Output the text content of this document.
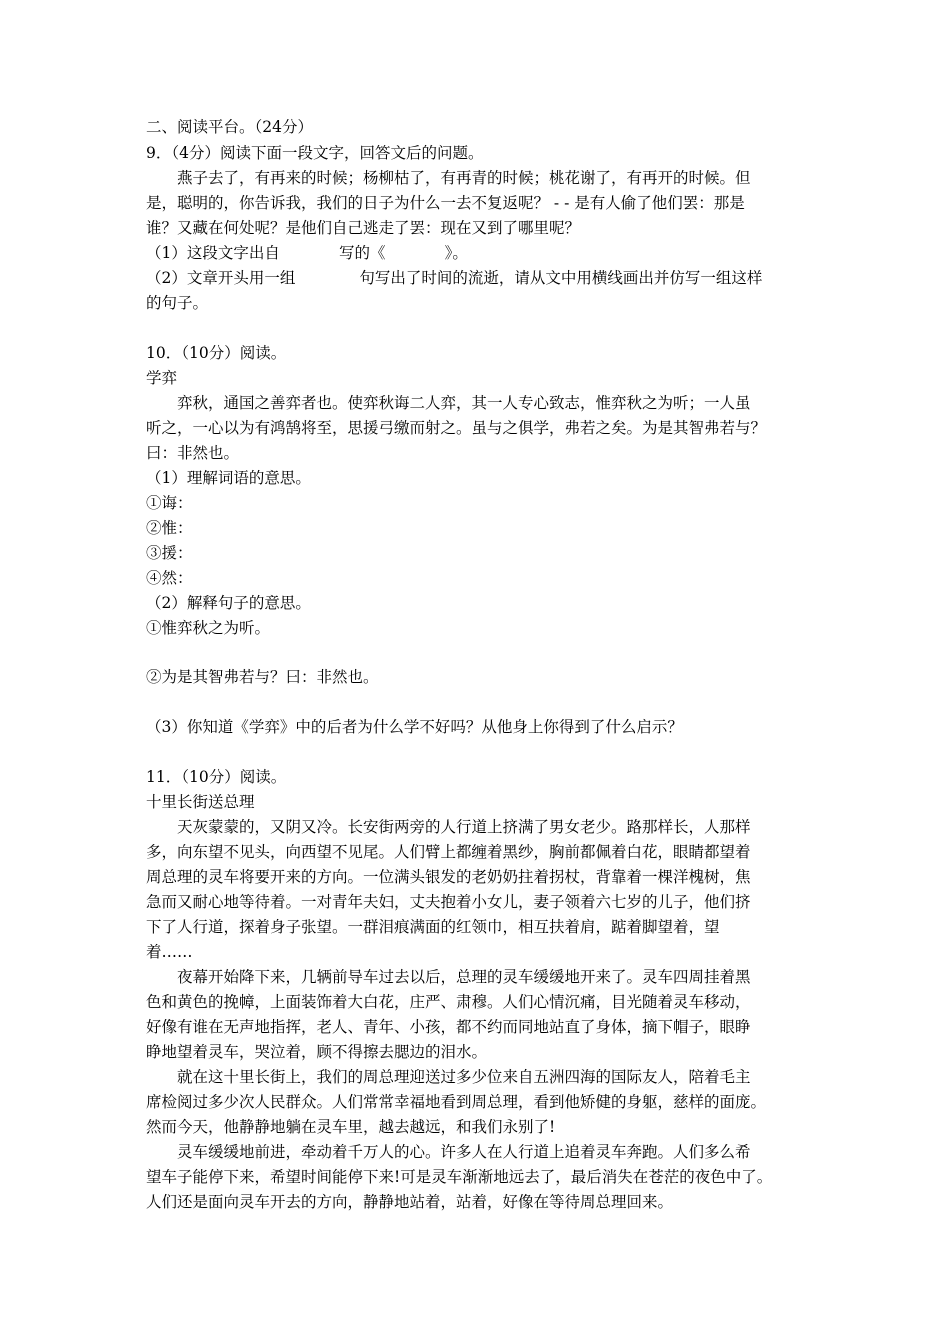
二、阅读平台。（24分）
9．（4分）阅读下面一段文字，回答文后的问题。
燕子去了，有再来的时候；杨柳枯了，有再青的时候；桃花谢了，有再开的时候。但
是，聪明的，你告诉我，我们的日子为什么一去不复返呢？ - - 是有人偷了他们罢：那是
谁？又藏在何处呢？是他们自己逃走了罢：现在又到了哪里呢？
（1）这段文字出自            写的《            》。
（2）文章开头用一组             句写出了时间的流逝，请从文中用横线画出并仿写一组这样
的句子。
10．（10分）阅读。
学弈
弈秋，通国之善弈者也。使弈秋诲二人弈，其一人专心致志，惟弈秋之为听；一人虽
听之，一心以为有鸿鹄将至，思援弓缴而射之。虽与之俱学，弗若之矣。为是其智弗若与？
曰：非然也。
（1）理解词语的意思。
①诲：
②惟：
③援：
④然：
（2）解释句子的意思。
①惟弈秋之为听。
②为是其智弗若与？曰：非然也。
（3）你知道《学弈》中的后者为什么学不好吗？从他身上你得到了什么启示？
11．（10分）阅读。
十里长街送总理
天灰蒙蒙的，又阴又冷。长安街两旁的人行道上挤满了男女老少。路那样长，人那样
多，向东望不见头，向西望不见尾。人们臂上都缠着黑纱，胸前都佩着白花，眼睛都望着
周总理的灵车将要开来的方向。一位满头银发的老奶奶拄着拐杖，背靠着一棵洋槐树，焦
急而又耐心地等待着。一对青年夫妇，丈夫抱着小女儿，妻子领着六七岁的儿子，他们挤
下了人行道，探着身子张望。一群泪痕满面的红领巾，相互扶着肩，踮着脚望着，望
着……
夜幕开始降下来，几辆前导车过去以后，总理的灵车缓缓地开来了。灵车四周挂着黑
色和黄色的挽幛，上面装饰着大白花，庄严、肃穆。人们心情沉痛，目光随着灵车移动，
好像有谁在无声地指挥，老人、青年、小孩，都不约而同地站直了身体，摘下帽子，眼睁
睁地望着灵车，哭泣着，顾不得擦去腮边的泪水。
就在这十里长街上，我们的周总理迎送过多少位来自五洲四海的国际友人，陪着毛主
席检阅过多少次人民群众。人们常常幸福地看到周总理，看到他矫健的身躯，慈样的面庞。
然而今天，他静静地躺在灵车里，越去越远，和我们永别了!
灵车缓缓地前进，牵动着千万人的心。许多人在人行道上追着灵车奔跑。人们多么希
望车子能停下来，希望时间能停下来!可是灵车渐渐地远去了，最后消失在苍茫的夜色中了。
人们还是面向灵车开去的方向，静静地站着，站着，好像在等待周总理回来。
